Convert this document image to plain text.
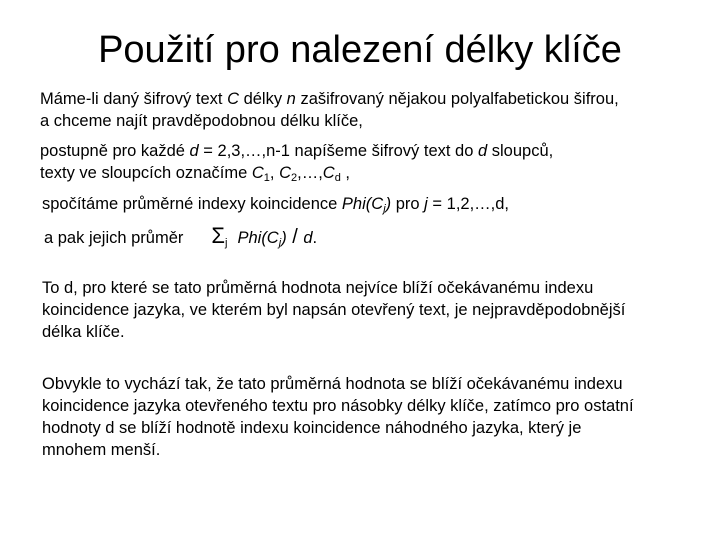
Použití pro nalezení délky klíče
Máme-li daný šifrový text C délky n zašifrovaný nějakou polyalfabetickou šifrou,
a chceme najít pravděpodobnou délku klíče,
postupně pro každé d = 2,3,…,n-1 napíšeme šifrový text do d sloupců,
texty ve sloupcích označíme $C_1$, $C_2,\dots,C_d$ ,
spočítáme průměrné indexy koincidence $Phi(C_j)$ pro j = 1,2,…,d,
a pak jejich průměr $\Sigma_j$ $Phi(C_j)$ / d.
To d, pro které se tato průměrná hodnota nejvíce blíží očekávanému indexu
koincidence jazyka, ve kterém byl napsán otevřený text, je nejpravděpodobnější
délka klíče.
Obvykle to vychází tak, že tato průměrná hodnota se blíží očekávanému indexu
koincidence jazyka otevřeného textu pro násobky délky klíče, zatímco pro ostatní
hodnoty d se blíží hodnotě indexu koincidence náhodného jazyka, který je
mnohem menší.
